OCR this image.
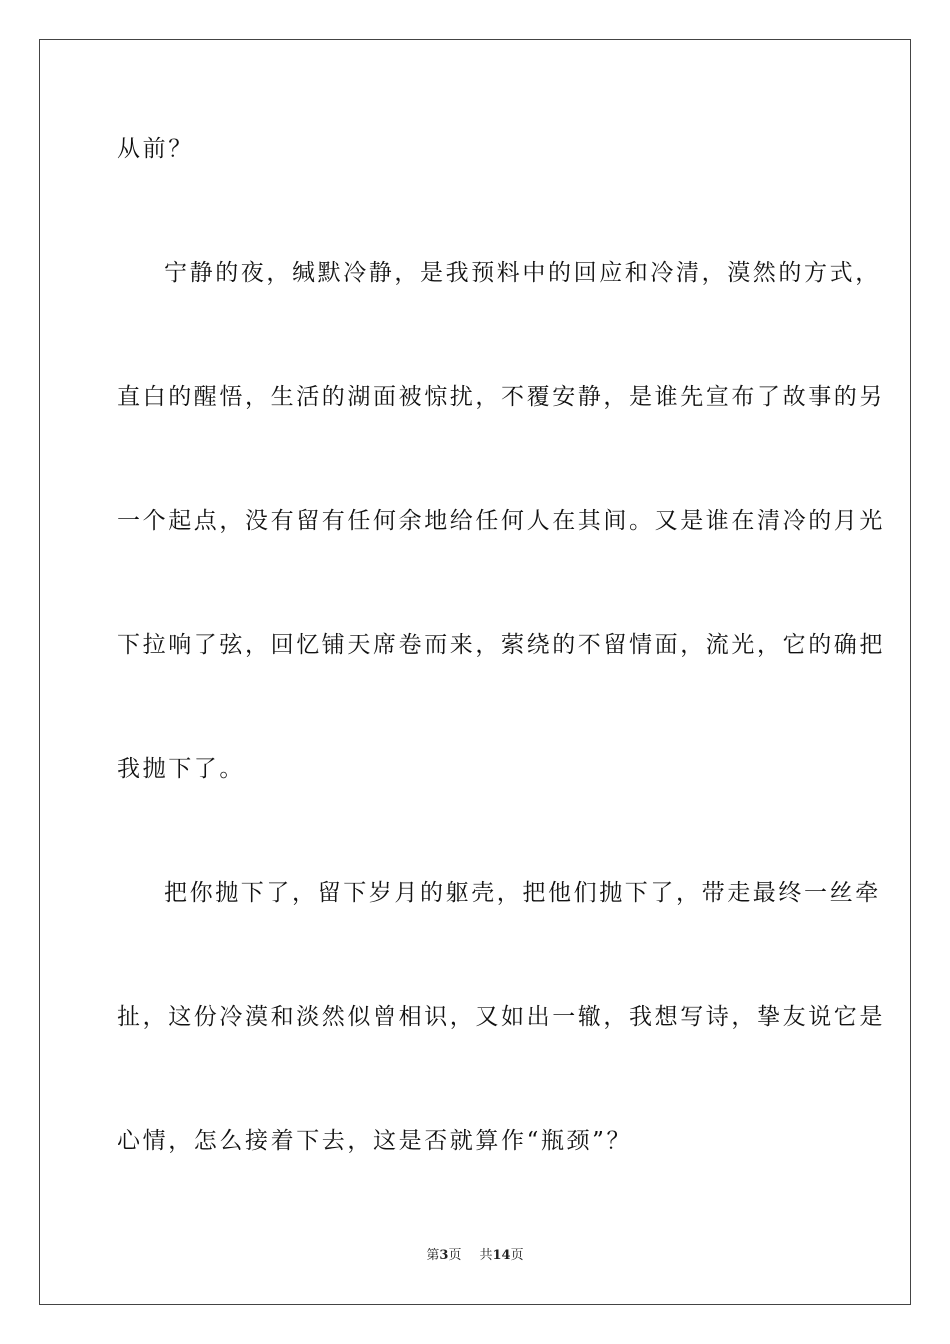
从前？
宁静的夜，缄默冷静，是我预料中的回应和冷清，漠然的方式，
直白的醒悟，生活的湖面被惊扰，不覆安静，是谁先宣布了故事的另
一个起点，没有留有任何余地给任何人在其间。又是谁在清冷的月光
下拉响了弦，回忆铺天席卷而来，萦绕的不留情面，流光，它的确把
我抛下了。
把你抛下了，留下岁月的躯壳，把他们抛下了，带走最终一丝牵
扯，这份冷漠和淡然似曾相识，又如出一辙，我想写诗，挚友说它是
心情，怎么接着下去，这是否就算作“瓶颈”？
第3页 共14页
